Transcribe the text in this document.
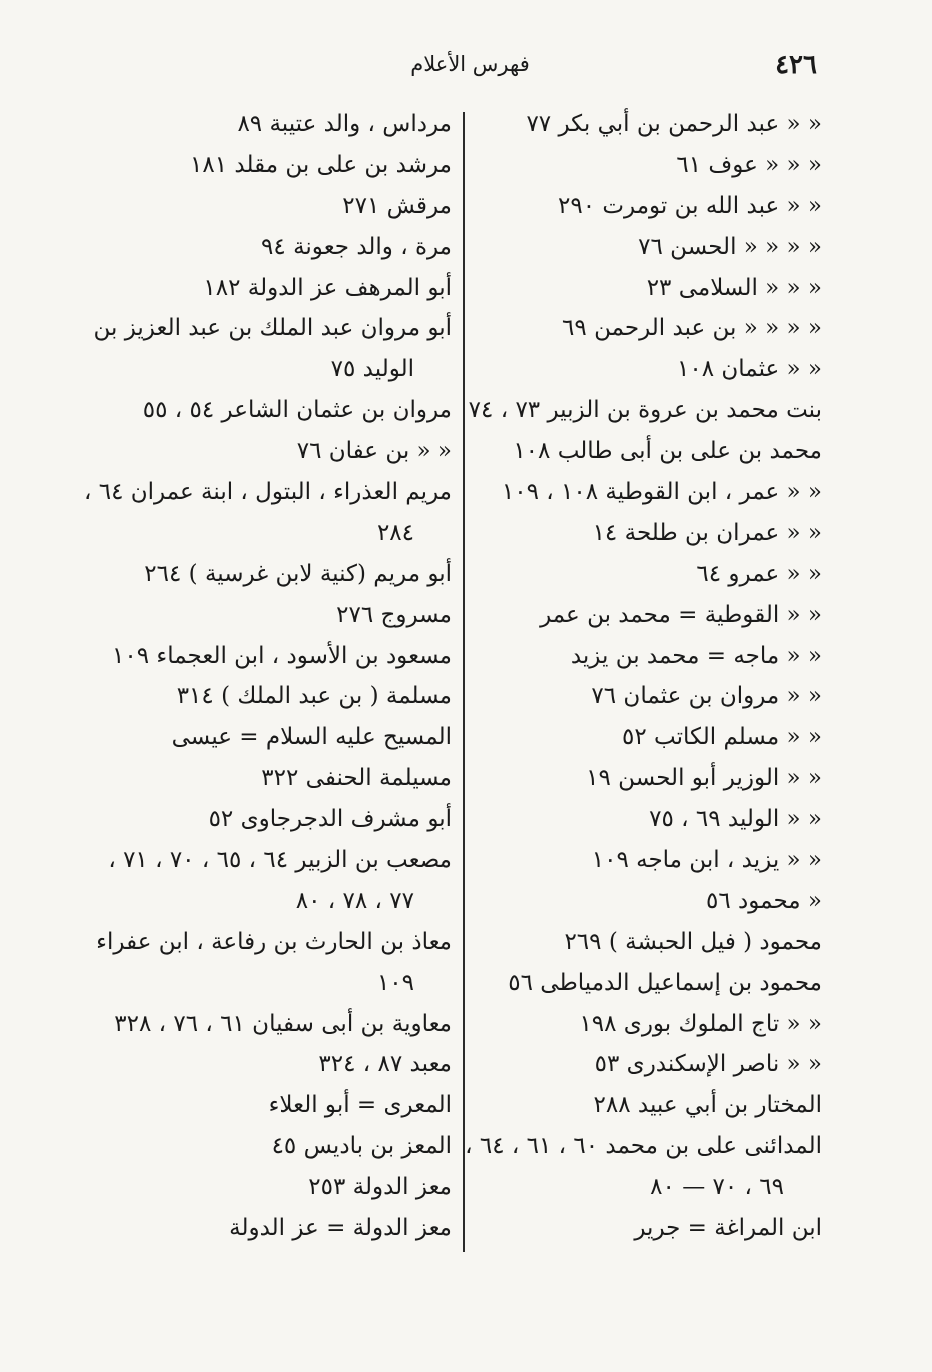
٤٢٦
فهرس الأعلام
« « عبد الرحمن بن أبي بكر ٧٧
« « « عوف ٦١
« « عبد الله بن تومرت ٢٩٠
« « « « الحسن ٧٦
« « « السلامى ٢٣
« « « « بن عبد الرحمن ٦٩
« « عثمان ١٠٨
بنت محمد بن عروة بن الزبير ٧٣ ، ٧٤
محمد بن على بن أبى طالب ١٠٨
« « عمر ، ابن القوطية ١٠٨ ، ١٠٩
« « عمران بن طلحة ١٤
« « عمرو ٦٤
« « القوطية = محمد بن عمر
« « ماجه = محمد بن يزيد
« « مروان بن عثمان ٧٦
« « مسلم الكاتب ٥٢
« « الوزير أبو الحسن ١٩
« « الوليد ٦٩ ، ٧٥
« « يزيد ، ابن ماجه ١٠٩
« محمود ٥٦
محمود ( فيل الحبشة ) ٢٦٩
محمود بن إسماعيل الدمياطى ٥٦
« « تاج الملوك بورى ١٩٨
« « ناصر الإسكندرى ٥٣
المختار بن أبي عبيد ٢٨٨
المدائنى على بن محمد ٦٠ ، ٦١ ، ٦٤ ،
٦٩ ، ٧٠ — ٨٠
ابن المراغة = جرير
مرداس ، والد عتيبة ٨٩
مرشد بن على بن مقلد ١٨١
مرقش ٢٧١
مرة ، والد جعونة ٩٤
أبو المرهف عز الدولة ١٨٢
أبو مروان عبد الملك بن عبد العزيز بن
الوليد ٧٥
مروان بن عثمان الشاعر ٥٤ ، ٥٥
« « بن عفان ٧٦
مريم العذراء ، البتول ، ابنة عمران ٦٤ ،
٢٨٤
أبو مريم (كنية لابن غرسية ) ٢٦٤
مسروج ٢٧٦
مسعود بن الأسود ، ابن العجماء ١٠٩
مسلمة ( بن عبد الملك ) ٣١٤
المسيح عليه السلام = عيسى
مسيلمة الحنفى ٣٢٢
أبو مشرف الدجرجاوى ٥٢
مصعب بن الزبير ٦٤ ، ٦٥ ، ٧٠ ، ٧١ ،
٧٧ ، ٧٨ ، ٨٠
معاذ بن الحارث بن رفاعة ، ابن عفراء
١٠٩
معاوية بن أبى سفيان ٦١ ، ٧٦ ، ٣٢٨
معبد ٨٧ ، ٣٢٤
المعرى = أبو العلاء
المعز بن باديس ٤٥
معز الدولة ٢٥٣
معز الدولة = عز الدولة
